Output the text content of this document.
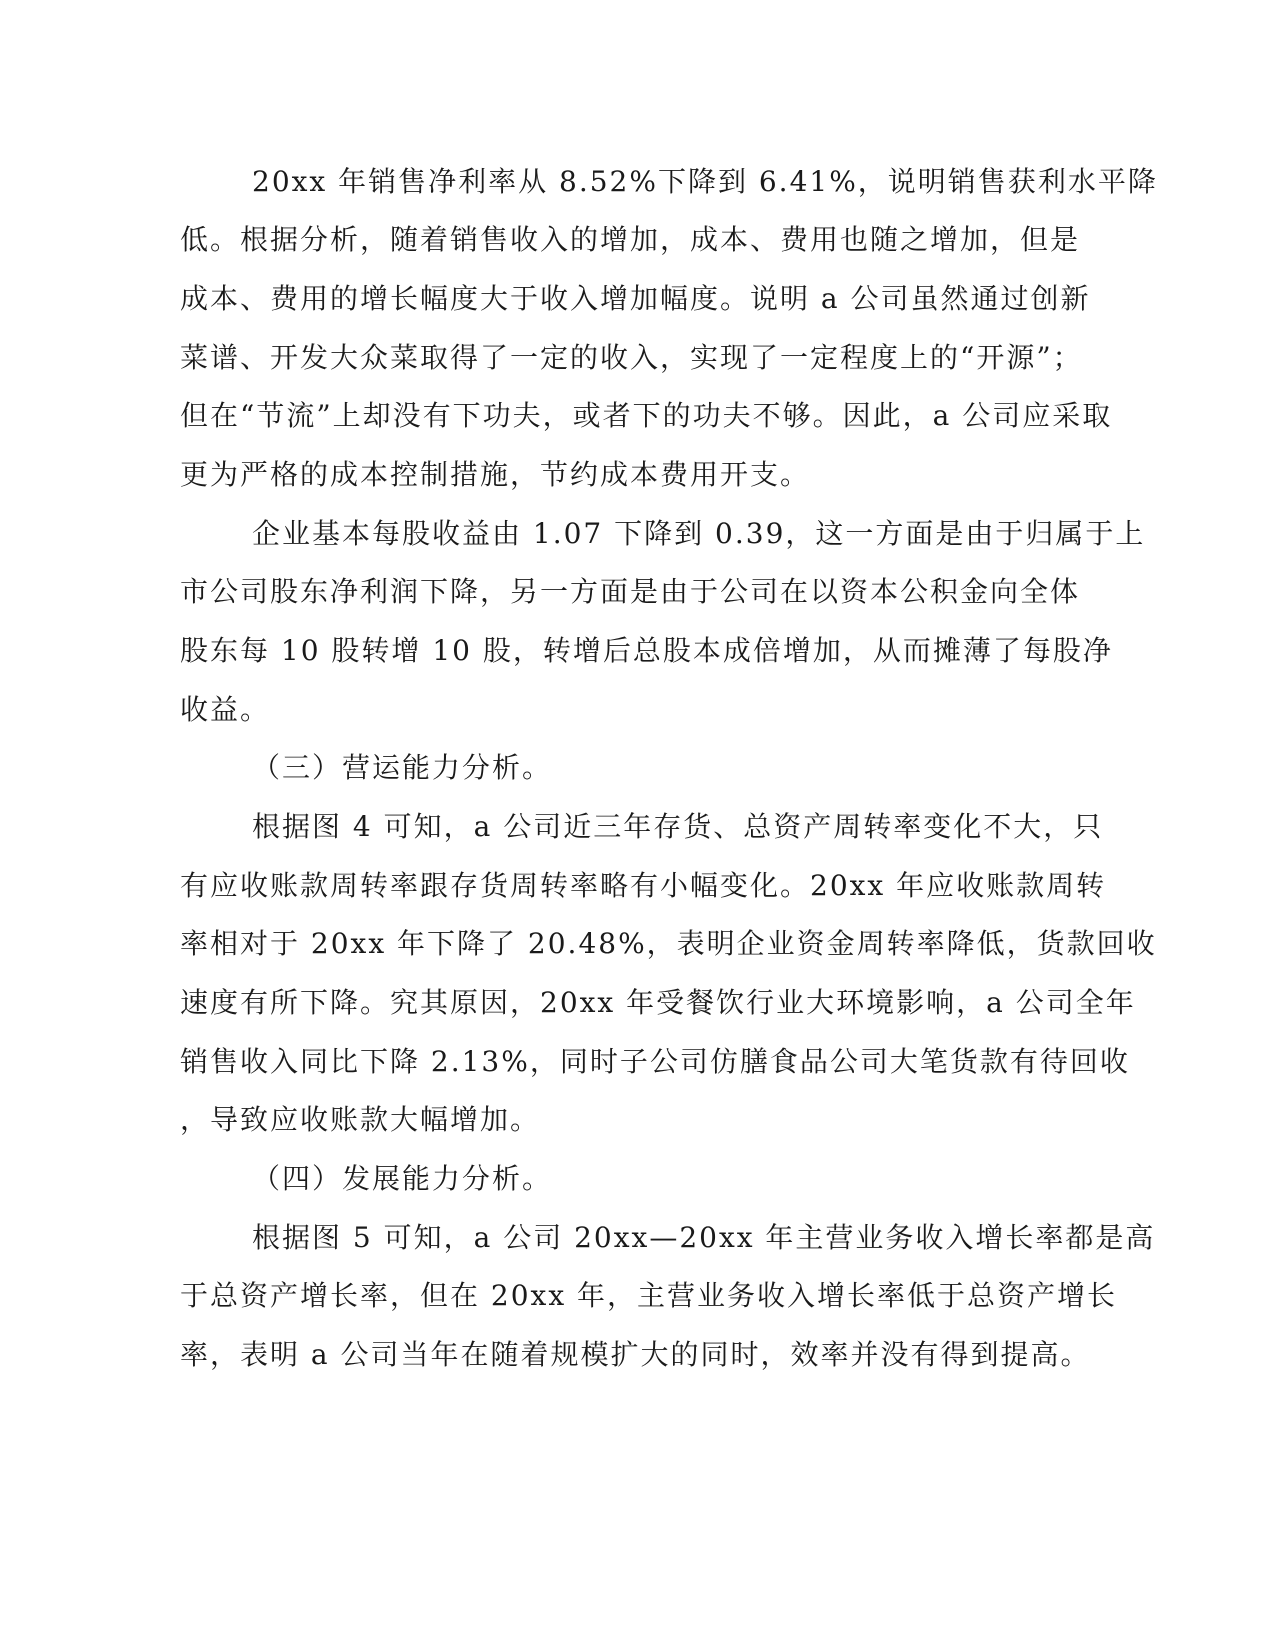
20xx 年销售净利率从 8.52%下降到 6.41%，说明销售获利水平降
低。根据分析，随着销售收入的增加，成本、费用也随之增加，但是
成本、费用的增长幅度大于收入增加幅度。说明 a 公司虽然通过创新
菜谱、开发大众菜取得了一定的收入，实现了一定程度上的“开源”；
但在“节流”上却没有下功夫，或者下的功夫不够。因此，a 公司应采取
更为严格的成本控制措施，节约成本费用开支。
企业基本每股收益由 1.07 下降到 0.39，这一方面是由于归属于上
市公司股东净利润下降，另一方面是由于公司在以资本公积金向全体
股东每 10 股转增 10 股，转增后总股本成倍增加，从而摊薄了每股净
收益。
（三）营运能力分析。
根据图 4 可知，a 公司近三年存货、总资产周转率变化不大，只
有应收账款周转率跟存货周转率略有小幅变化。20xx 年应收账款周转
率相对于 20xx 年下降了 20.48%，表明企业资金周转率降低，货款回收
速度有所下降。究其原因，20xx 年受餐饮行业大环境影响，a 公司全年
销售收入同比下降 2.13%，同时子公司仿膳食品公司大笔货款有待回收
，导致应收账款大幅增加。
（四）发展能力分析。
根据图 5 可知，a 公司 20xx—20xx 年主营业务收入增长率都是高
于总资产增长率，但在 20xx 年，主营业务收入增长率低于总资产增长
率，表明 a 公司当年在随着规模扩大的同时，效率并没有得到提高。
